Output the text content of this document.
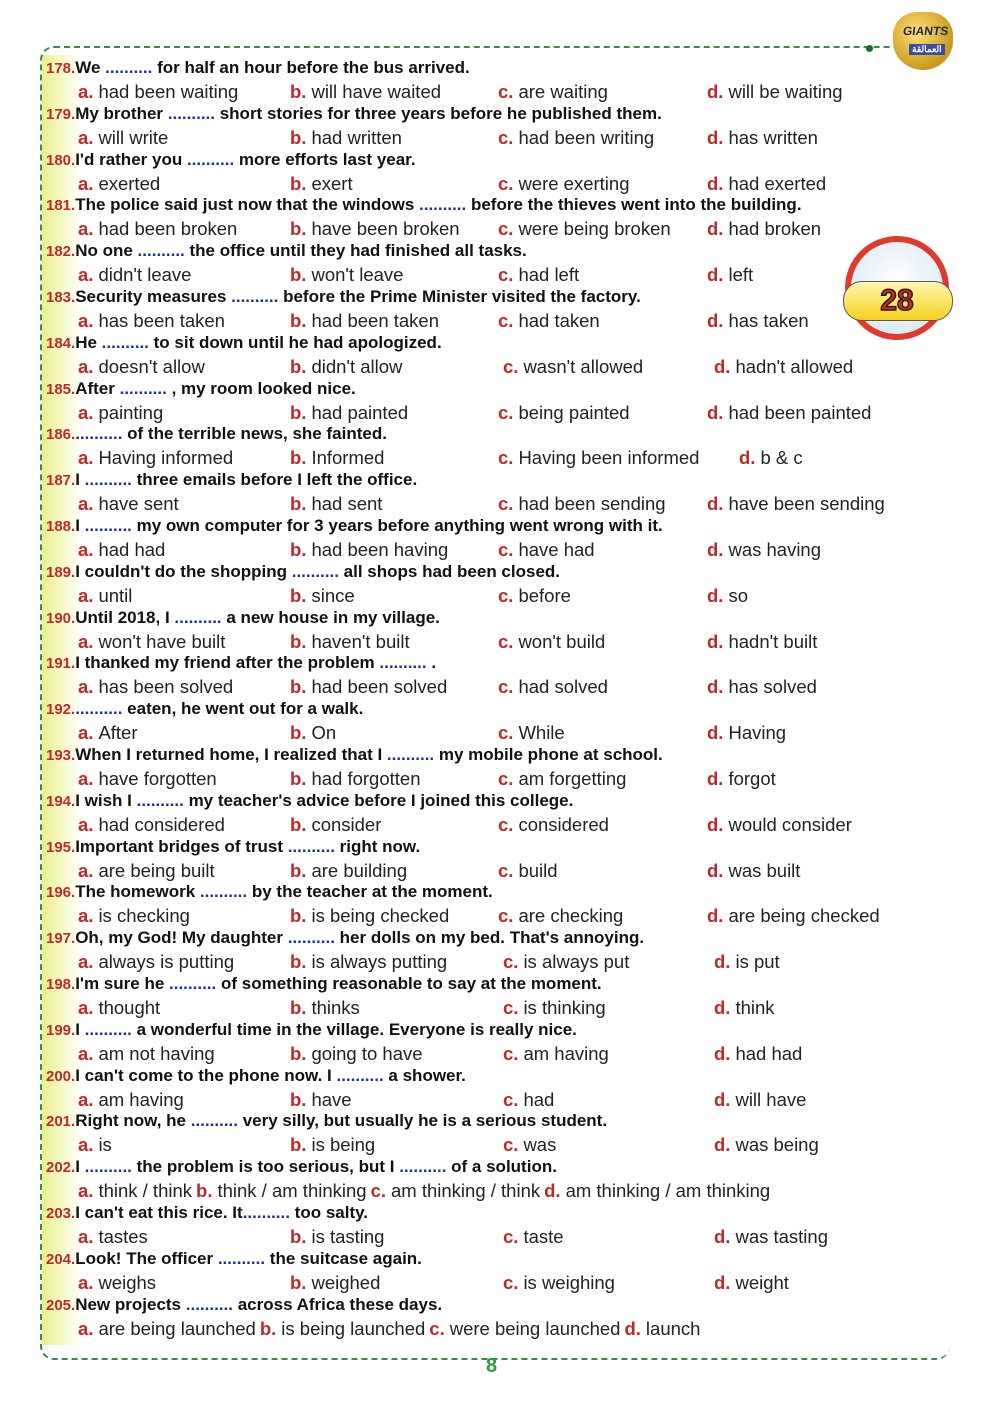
GIANTS
العمالقة
28
178.We .......... for half an hour before the bus arrived.
a. had been waiting	b. will have waited	c. are waiting	d. will be waiting
179.My brother .......... short stories for three years before he published them.
a. will write	b. had written	c. had been writing	d. has written
180.I'd rather you .......... more efforts last year.
a. exerted	b. exert	c. were exerting	d. had exerted
181.The police said just now that the windows .......... before the thieves went into the building.
a. had been broken	b. have been broken c. were being broken d. had broken
182.No one .......... the office until they had finished all tasks.
a. didn't leave	b. won't leave	c. had left	d. left
183.Security measures .......... before the Prime Minister visited the factory.
a. has been taken	b. had been taken	c. had taken	d. has taken
184.He .......... to sit down until he had apologized.
a. doesn't allow	b. didn't allow	c. wasn't allowed	d. hadn't allowed
185.After .......... , my room looked nice.
a. painting	b. had painted	c. being painted	d. had been painted
186........... of the terrible news, she fainted.
a. Having informed	b. Informed	c. Having been informed d. b & c
187.I .......... three emails before I left the office.
a. have sent	b. had sent	c. had been sending d. have been sending
188.I .......... my own computer for 3 years before anything went wrong with it.
a. had had	b. had been having	c. have had	d. was having
189.I couldn't do the shopping .......... all shops had been closed.
a. until	b. since	c. before	d. so
190.Until 2018, I .......... a new house in my village.
a. won't have built	b. haven't built	c. won't build	d. hadn't built
191.I thanked my friend after the problem .......... .
a. has been solved	b. had been solved	c. had solved	d. has solved
192........... eaten, he went out for a walk.
a. After	b. On	c. While	d. Having
193.When I returned home, I realized that I .......... my mobile phone at school.
a. have forgotten	b. had forgotten	c. am forgetting	d. forgot
194.I wish I .......... my teacher's advice before I joined this college.
a. had considered	b. consider	c. considered	d. would consider
195.Important bridges of trust .......... right now.
a. are being built	b. are building	c. build	d. was built
196.The homework .......... by the teacher at the moment.
a. is checking	b. is being checked	c. are checking	d. are being checked
197.Oh, my God! My daughter .......... her dolls on my bed. That's annoying.
a. always is putting	b. is always putting	c. is always put	d. is put
198.I'm sure he .......... of something reasonable to say at the moment.
a. thought	b. thinks	c. is thinking	d. think
199.I .......... a wonderful time in the village. Everyone is really nice.
a. am not having	b. going to have	c. am having	d. had had
200.I can't come to the phone now. I .......... a shower.
a. am having	b. have	c. had	d. will have
201.Right now, he .......... very silly, but usually he is a serious student.
a. is	b. is being	c. was	d. was being
202.I .......... the problem is too serious, but I .......... of a solution.
a. think / think b. think / am thinking c. am thinking / think d. am thinking / am thinking
203.I can't eat this rice. It.......... too salty.
a. tastes	b. is tasting	c. taste	d. was tasting
204.Look! The officer .......... the suitcase again.
a. weighs	b. weighed	c. is weighing	d. weight
205.New projects .......... across Africa these days.
a. are being launched b. is being launched c. were being launched d. launch
8
